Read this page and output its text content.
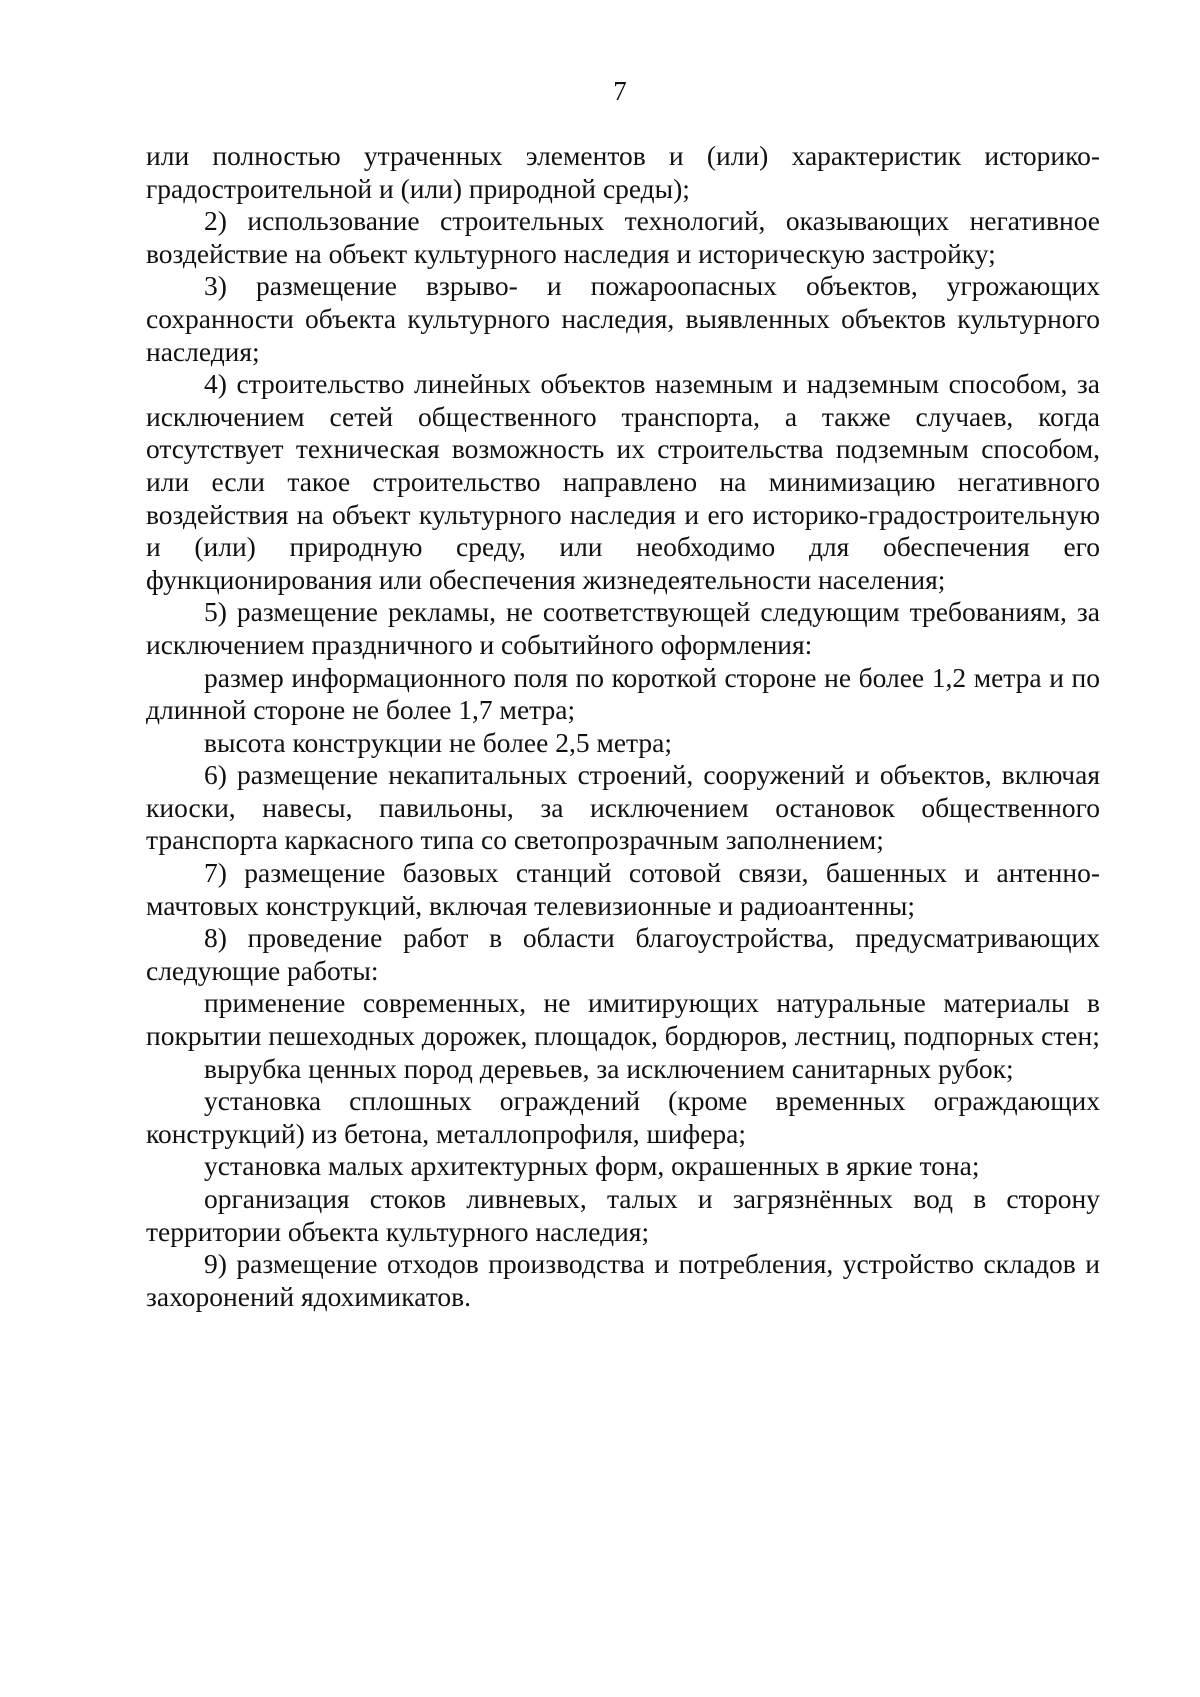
7

или полностью утраченных элементов и (или) характеристик историко-градостроительной и (или) природной среды);

2) использование строительных технологий, оказывающих негативное воздействие на объект культурного наследия и историческую застройку;

3) размещение взрыво- и пожароопасных объектов, угрожающих сохранности объекта культурного наследия, выявленных объектов культурного наследия;

4) строительство линейных объектов наземным и надземным способом, за исключением сетей общественного транспорта, а также случаев, когда отсутствует техническая возможность их строительства подземным способом, или если такое строительство направлено на минимизацию негативного воздействия на объект культурного наследия и его историко-градостроительную и (или) природную среду, или необходимо для обеспечения его функционирования или обеспечения жизнедеятельности населения;

5) размещение рекламы, не соответствующей следующим требованиям, за исключением праздничного и событийного оформления:

размер информационного поля по короткой стороне не более 1,2 метра и по длинной стороне не более 1,7 метра;

высота конструкции не более 2,5 метра;

6) размещение некапитальных строений, сооружений и объектов, включая киоски, навесы, павильоны, за исключением остановок общественного транспорта каркасного типа со светопрозрачным заполнением;

7) размещение базовых станций сотовой связи, башенных и антенно-мачтовых конструкций, включая телевизионные и радиоантенны;

8) проведение работ в области благоустройства, предусматривающих следующие работы:

применение современных, не имитирующих натуральные материалы в покрытии пешеходных дорожек, площадок, бордюров, лестниц, подпорных стен;

вырубка ценных пород деревьев, за исключением санитарных рубок;

установка сплошных ограждений (кроме временных ограждающих конструкций) из бетона, металлопрофиля, шифера;

установка малых архитектурных форм, окрашенных в яркие тона;

организация стоков ливневых, талых и загрязнённых вод в сторону территории объекта культурного наследия;

9) размещение отходов производства и потребления, устройство складов и захоронений ядохимикатов.
